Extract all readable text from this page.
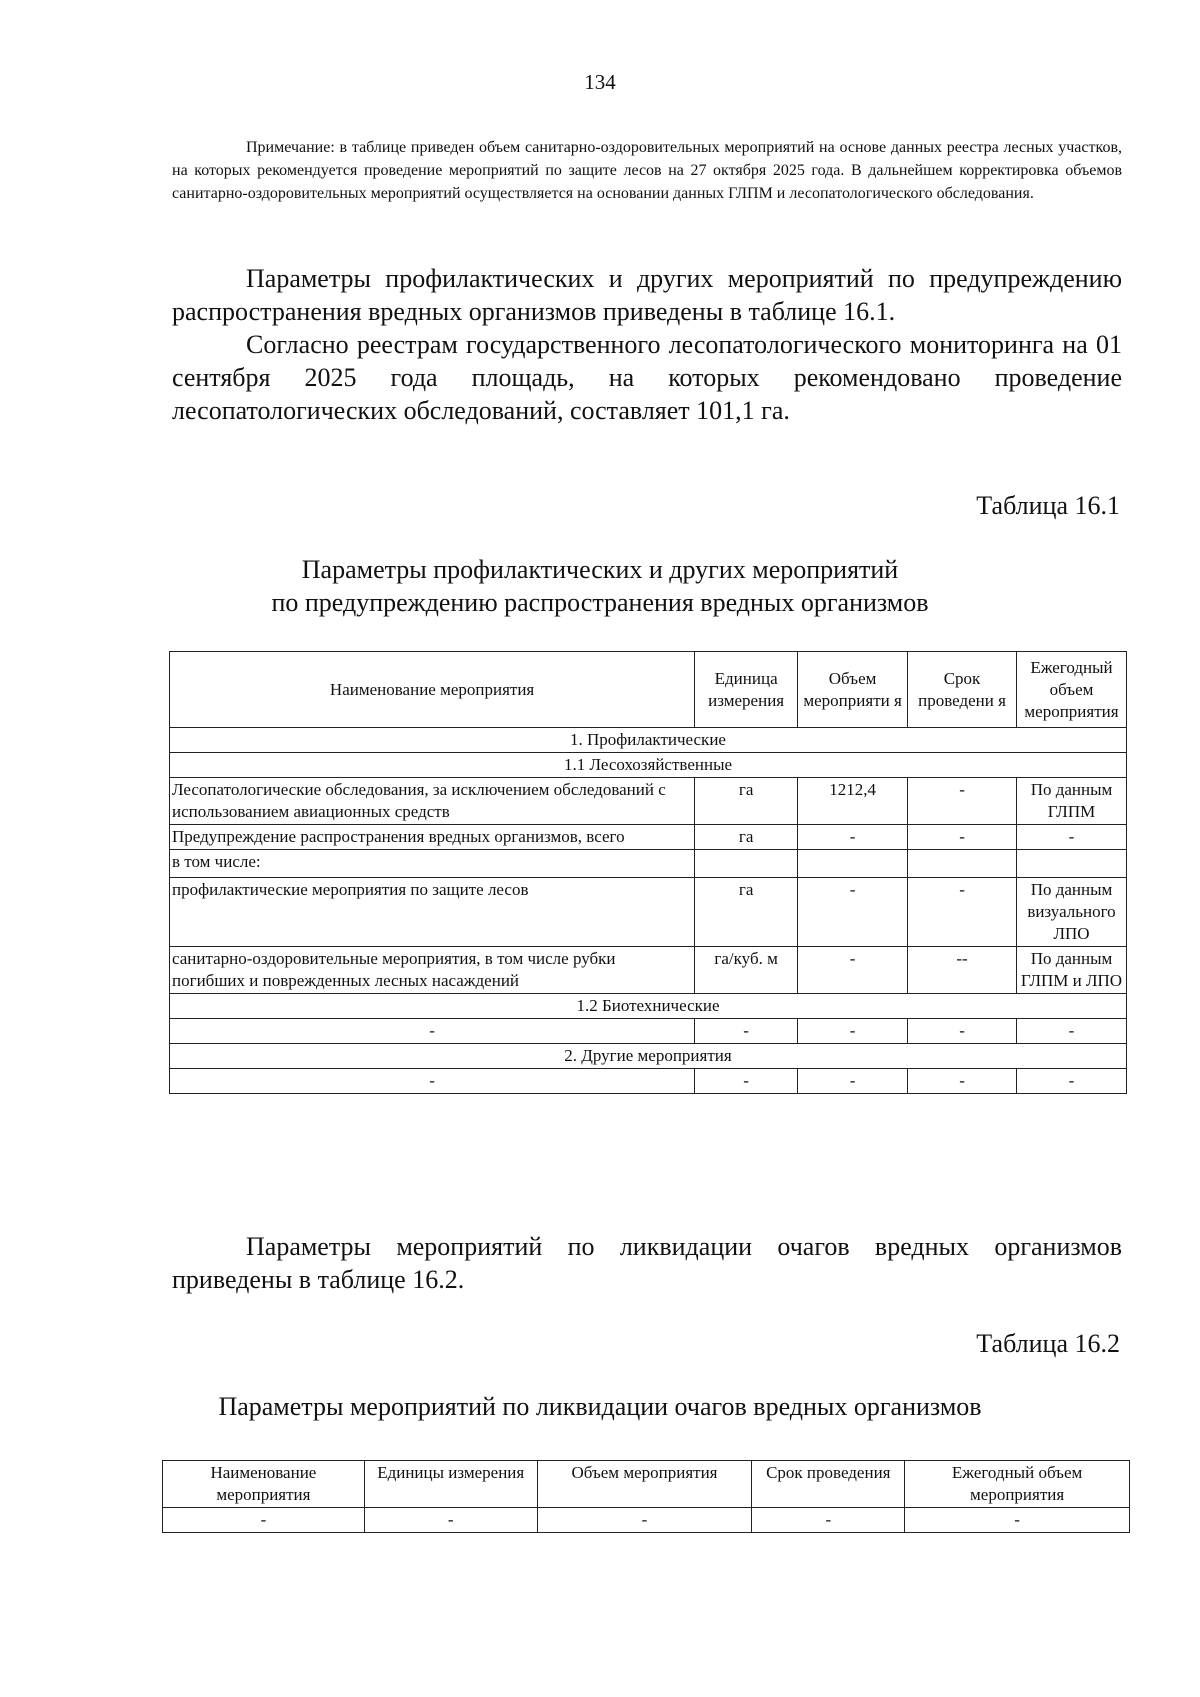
134
Примечание: в таблице приведен объем санитарно-оздоровительных мероприятий на основе данных реестра лесных участков, на которых рекомендуется проведение мероприятий по защите лесов на 27 октября 2025 года. В дальнейшем корректировка объемов санитарно-оздоровительных мероприятий осуществляется на основании данных ГЛПМ и лесопатологического обследования.

Параметры профилактических и других мероприятий по предупреждению распространения вредных организмов приведены в таблице 16.1.

Согласно реестрам государственного лесопатологического мониторинга на 01 сентября 2025 года площадь, на которых рекомендовано проведение лесопатологических обследований, составляет 101,1 га.

Таблица 16.1
Параметры профилактических и других мероприятий
по предупреждению распространения вредных организмов
Наименование мероприятия	Единица измерения	Объем мероприяти я	Срок проведени я	Ежегодный объем мероприятия
1. Профилактические				
1.1 Лесохозяйственные				
Лесопатологические обследования, за исключением обследований с использованием авиационных средств	га	1212,4	-	По данным ГЛПМ
Предупреждение распространения вредных организмов, всего	га	-	-	-
в том числе:				
профилактические мероприятия по защите лесов	га	-	-	По данным визуального ЛПО
санитарно-оздоровительные мероприятия, в том числе рубки погибших и поврежденных лесных насаждений	га/куб. м	-	--	По данным ГЛПМ и ЛПО
1.2 Биотехнические				
-	-	-	-	-
2. Другие мероприятия				
-	-	-	-	-

Параметры мероприятий по ликвидации очагов вредных организмов приведены в таблице 16.2.

Таблица 16.2
Параметры мероприятий по ликвидации очагов вредных организмов
Наименование мероприятия	Единицы измерения	Объем мероприятия	Срок проведения	Ежегодный объем мероприятия
-	-	-	-	-
